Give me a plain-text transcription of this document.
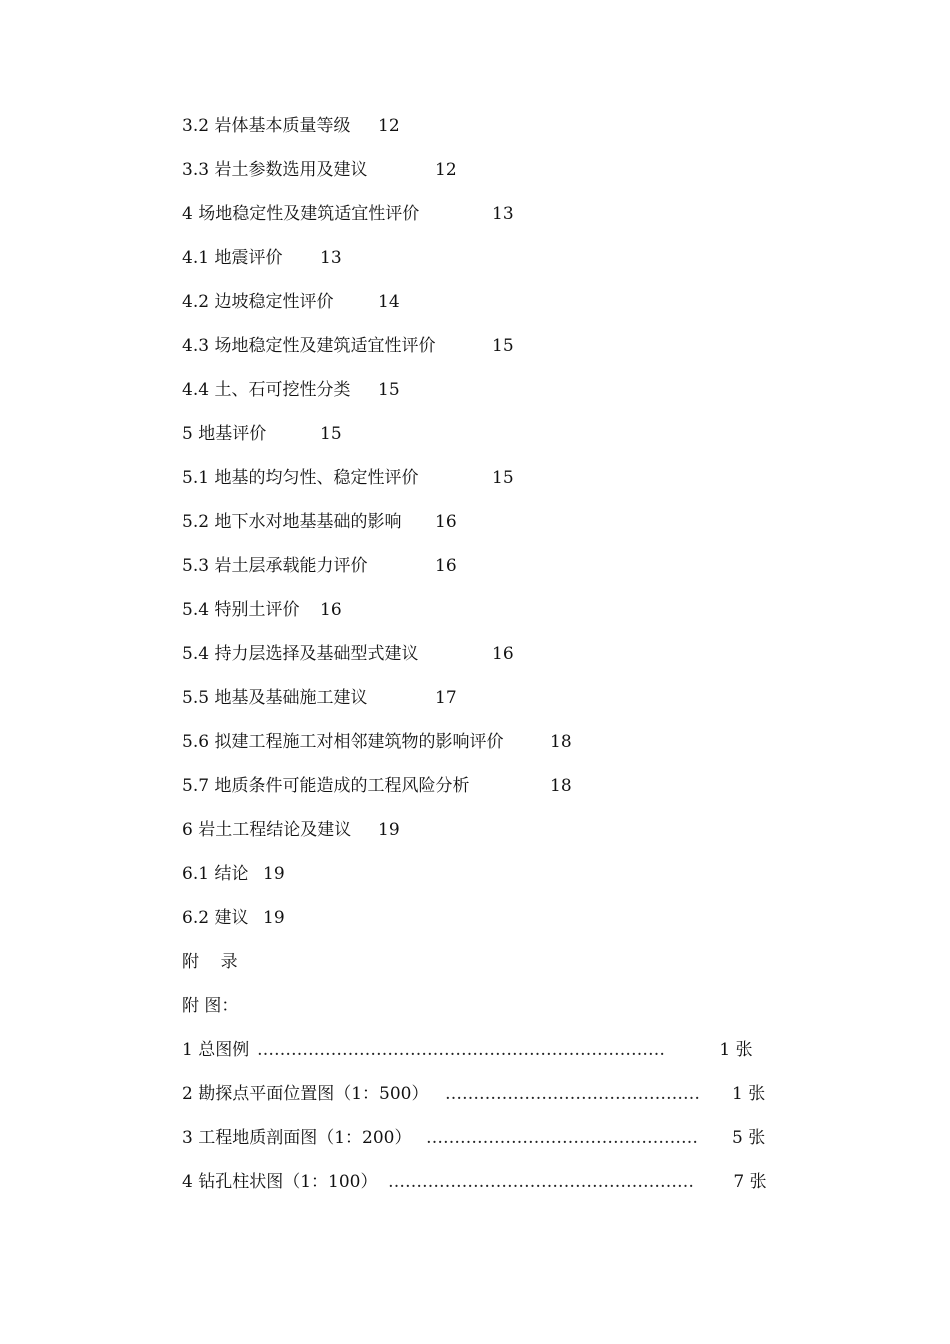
3.2 岩体基本质量等级 12
3.3 岩土参数选用及建议	12
4 场地稳定性及建筑适宜性评价	13
4.1 地震评价 13
4.2 边坡稳定性评价	14
4.3 场地稳定性及建筑适宜性评价	15
4.4 土、石可挖性分类 15
5 地基评价	15
5.1 地基的均匀性、稳定性评价	15
5.2 地下水对地基基础的影响 16
5.3 岩土层承载能力评价	16
5.4 特别土评价 16
5.4 持力层选择及基础型式建议	16
5.5 地基及基础施工建议	17
5.6 拟建工程施工对相邻建筑物的影响评价	18
5.7 地质条件可能造成的工程风险分析	18
6 岩土工程结论及建议 19
6.1 结论 19
6.2 建议 19
附    录
附 图：
1 总图例 ………………………………………………………………	1 张
2 勘探点平面位置图（1：500） ……………………………………… 1 张
3 工程地质剖面图（1：200） ………………………………………… 5 张
4 钻孔柱状图（1：100） ……………………………………………… 7 张
